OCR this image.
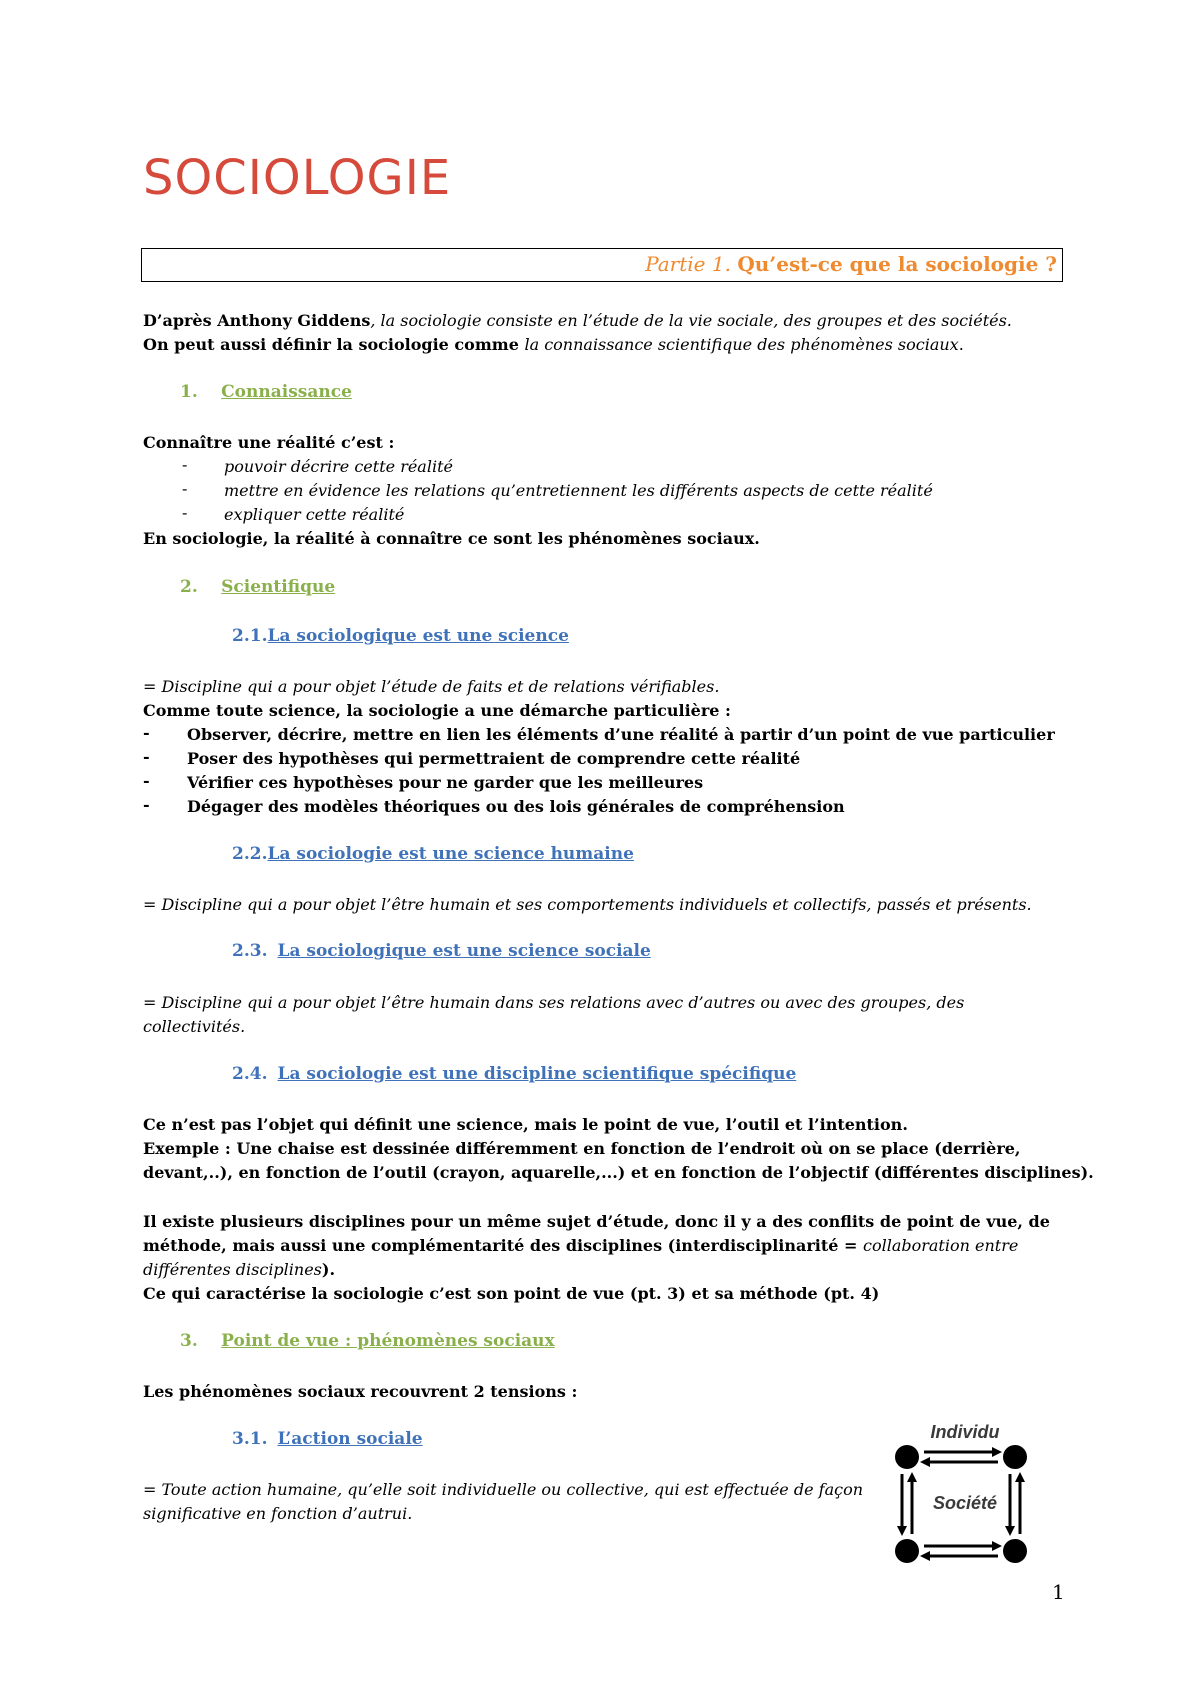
SOCIOLOGIE
Partie 1. Qu’est-ce que la sociologie ?
D’après Anthony Giddens, la sociologie consiste en l’étude de la vie sociale, des groupes et des sociétés.
On peut aussi définir la sociologie comme la connaissance scientifique des phénomènes sociaux.
1. Connaissance
Connaître une réalité c’est :
- pouvoir décrire cette réalité
- mettre en évidence les relations qu’entretiennent les différents aspects de cette réalité
- expliquer cette réalité
En sociologie, la réalité à connaître ce sont les phénomènes sociaux.
2. Scientifique
2.1.La sociologique est une science
= Discipline qui a pour objet l’étude de faits et de relations vérifiables.
Comme toute science, la sociologie a une démarche particulière :
- Observer, décrire, mettre en lien les éléments d’une réalité à partir d’un point de vue particulier
- Poser des hypothèses qui permettraient de comprendre cette réalité
- Vérifier ces hypothèses pour ne garder que les meilleures
- Dégager des modèles théoriques ou des lois générales de compréhension
2.2.La sociologie est une science humaine
= Discipline qui a pour objet l’être humain et ses comportements individuels et collectifs, passés et présents.
2.3. La sociologique est une science sociale
= Discipline qui a pour objet l’être humain dans ses relations avec d’autres ou avec des groupes, des
collectivités.
2.4. La sociologie est une discipline scientifique spécifique
Ce n’est pas l’objet qui définit une science, mais le point de vue, l’outil et l’intention.
Exemple : Une chaise est dessinée différemment en fonction de l’endroit où on se place (derrière,
devant,..), en fonction de l’outil (crayon, aquarelle,...) et en fonction de l’objectif (différentes disciplines).
Il existe plusieurs disciplines pour un même sujet d’étude, donc il y a des conflits de point de vue, de
méthode, mais aussi une complémentarité des disciplines (interdisciplinarité = collaboration entre
différentes disciplines).
Ce qui caractérise la sociologie c’est son point de vue (pt. 3) et sa méthode (pt. 4)
3. Point de vue : phénomènes sociaux
Les phénomènes sociaux recouvrent 2 tensions :
3.1. L’action sociale
= Toute action humaine, qu’elle soit individuelle ou collective, qui est effectuée de façon
significative en fonction d’autrui.
Individu
Société
1
